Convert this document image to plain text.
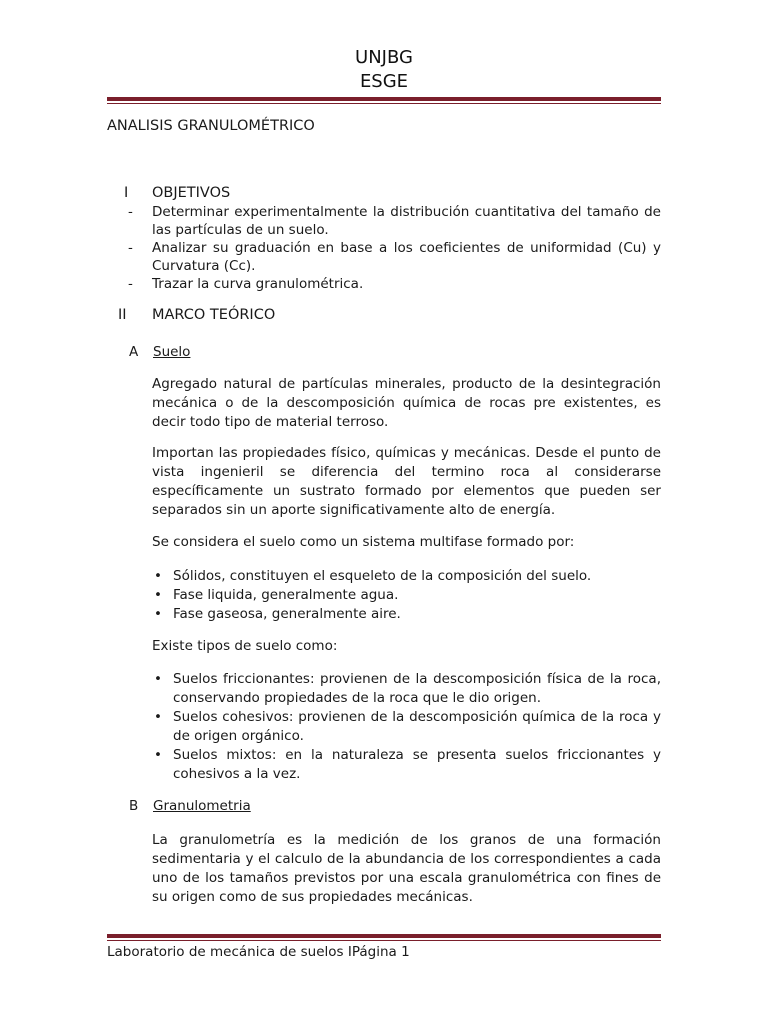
UNJBG
ESGE
ANALISIS GRANULOMÉTRICO
I OBJETIVOS
- Determinar experimentalmente la distribución cuantitativa del tamaño de las partículas de un suelo.
- Analizar su graduación en base a los coeficientes de uniformidad (Cu) y Curvatura (Cc).
- Trazar la curva granulométrica.
II MARCO TEÓRICO
A Suelo
Agregado natural de partículas minerales, producto de la desintegración mecánica o de la descomposición química de rocas pre existentes, es decir todo tipo de material terroso.
Importan las propiedades físico, químicas y mecánicas. Desde el punto de vista ingenieril se diferencia del termino roca al considerarse específicamente un sustrato formado por elementos que pueden ser separados sin un aporte significativamente alto de energía.
Se considera el suelo como un sistema multifase formado por:
• Sólidos, constituyen el esqueleto de la composición del suelo.
• Fase liquida, generalmente agua.
• Fase gaseosa, generalmente aire.
Existe tipos de suelo como:
• Suelos friccionantes: provienen de la descomposición física de la roca, conservando propiedades de la roca que le dio origen.
• Suelos cohesivos: provienen de la descomposición química de la roca y de origen orgánico.
• Suelos mixtos: en la naturaleza se presenta suelos friccionantes y cohesivos a la vez.
B Granulometria
La granulometría es la medición de los granos de una formación sedimentaria y el calculo de la abundancia de los correspondientes a cada uno de los tamaños previstos por una escala granulométrica con fines de su origen como de sus propiedades mecánicas.
Laboratorio de mecánica de suelos IPágina 1
